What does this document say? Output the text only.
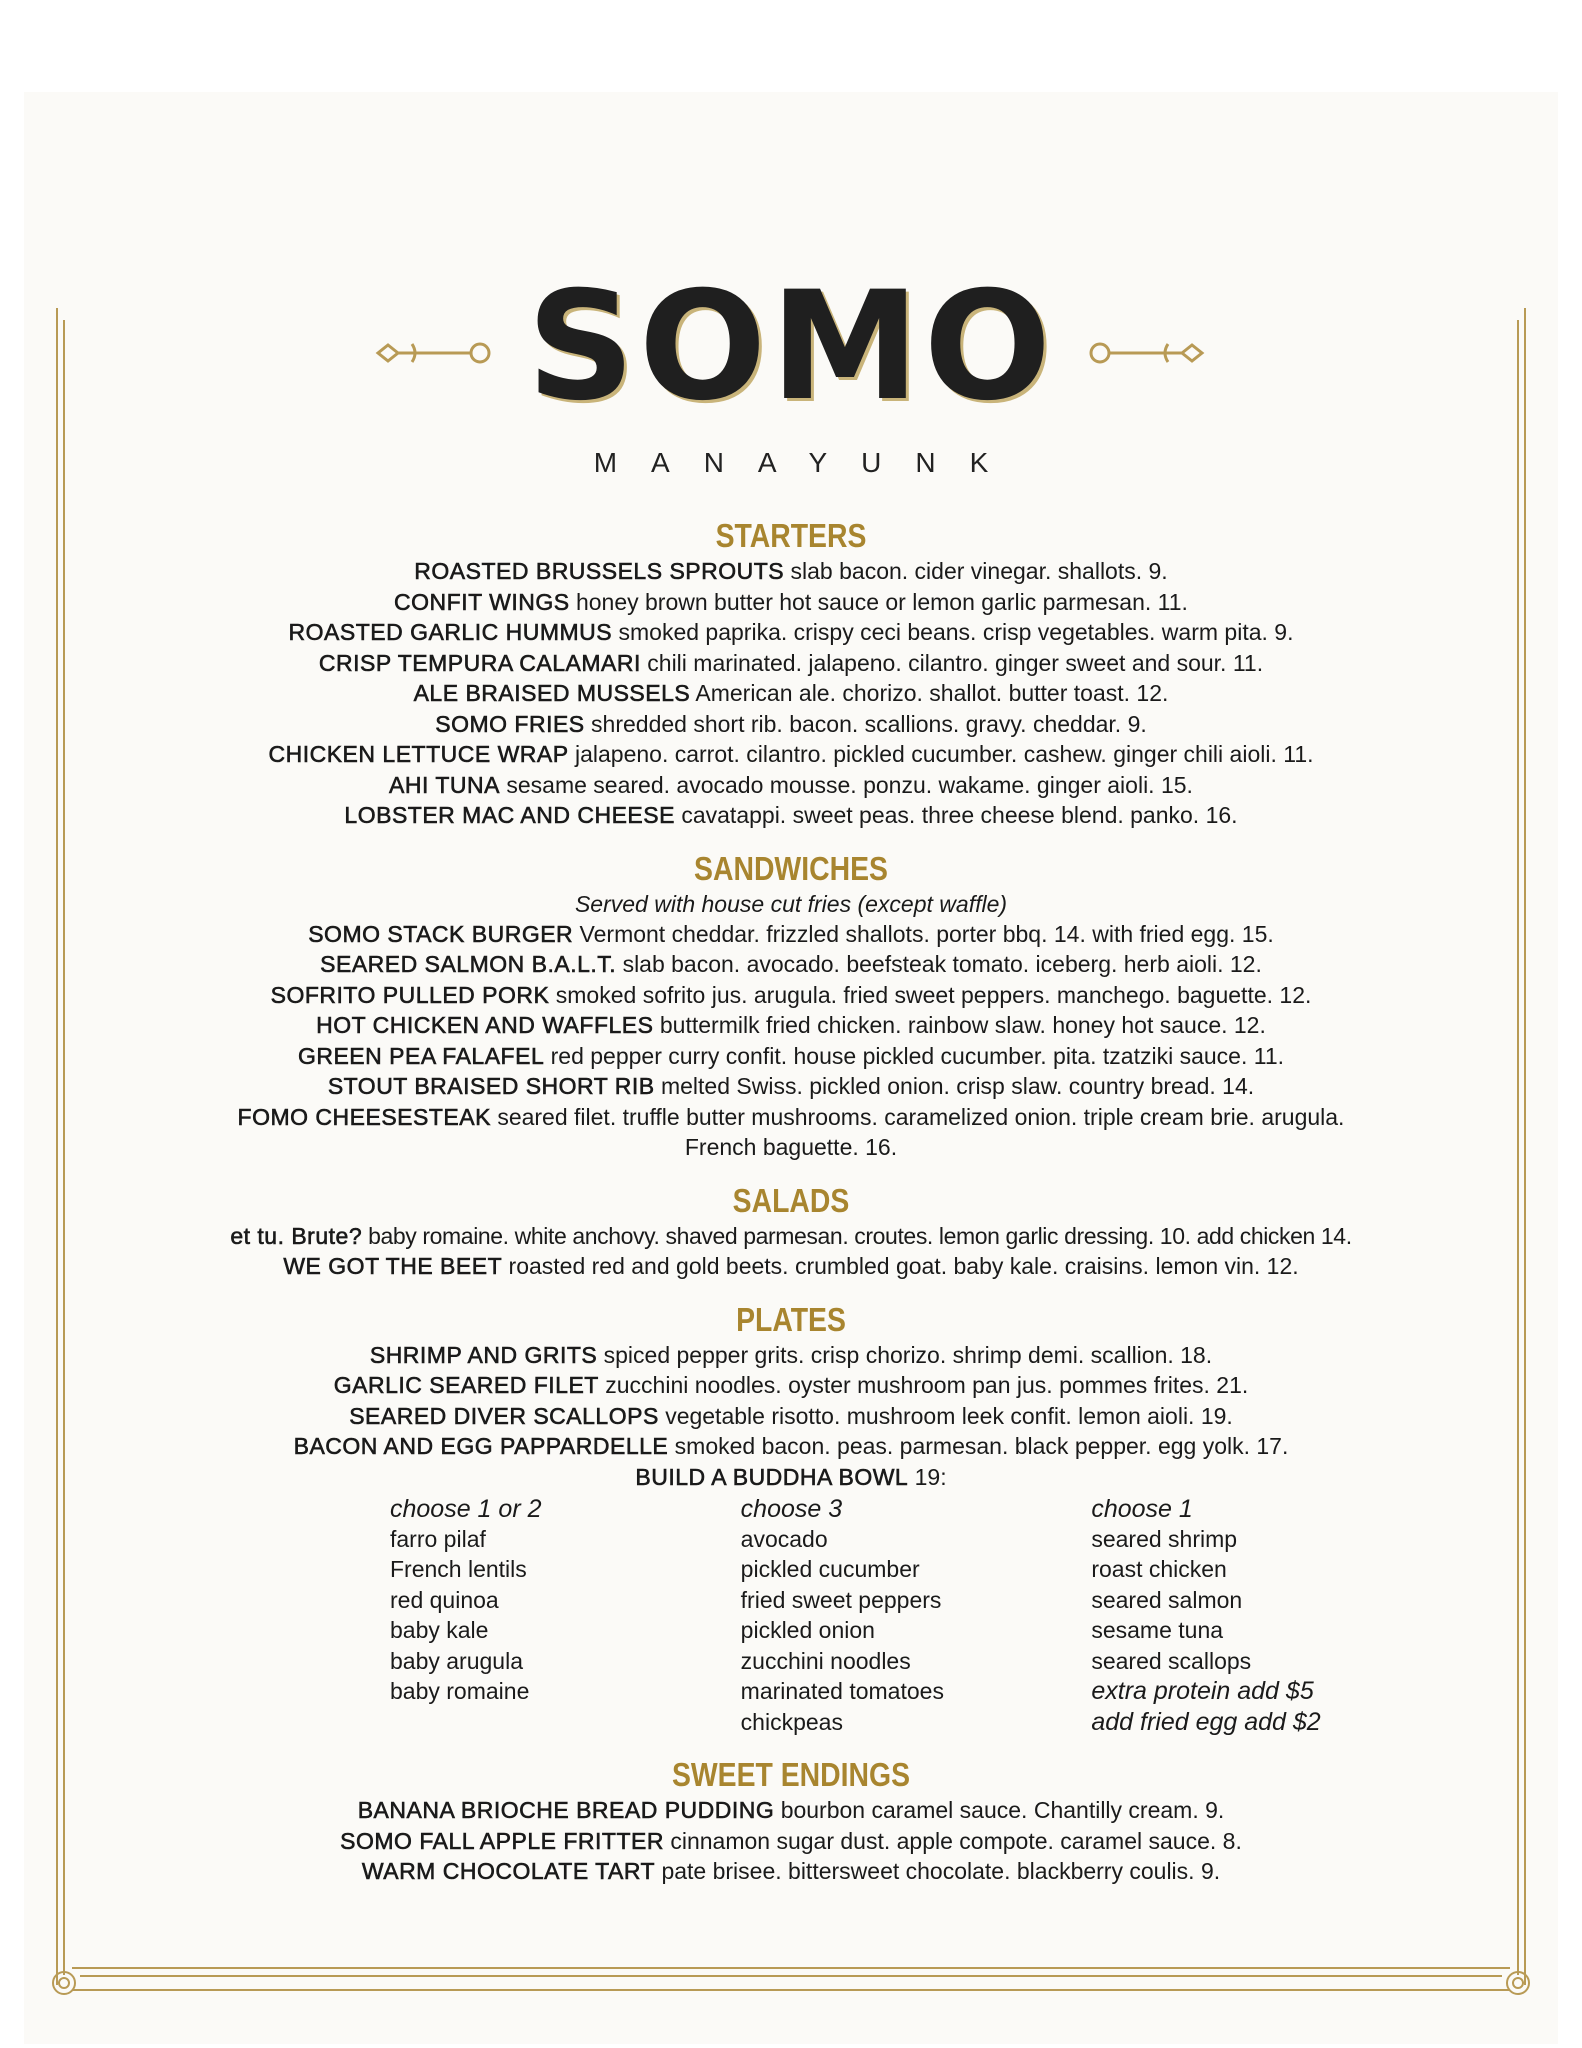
SOMO
MANAYUNK
STARTERS
ROASTED BRUSSELS SPROUTS slab bacon. cider vinegar. shallots. 9.
CONFIT WINGS honey brown butter hot sauce or lemon garlic parmesan. 11.
ROASTED GARLIC HUMMUS smoked paprika. crispy ceci beans. crisp vegetables. warm pita. 9.
CRISP TEMPURA CALAMARI chili marinated. jalapeno. cilantro. ginger sweet and sour. 11.
ALE BRAISED MUSSELS American ale. chorizo. shallot. butter toast. 12.
SOMO FRIES shredded short rib. bacon. scallions. gravy. cheddar. 9.
CHICKEN LETTUCE WRAP jalapeno. carrot. cilantro. pickled cucumber. cashew. ginger chili aioli. 11.
AHI TUNA sesame seared. avocado mousse. ponzu. wakame. ginger aioli. 15.
LOBSTER MAC AND CHEESE cavatappi. sweet peas. three cheese blend. panko. 16.
SANDWICHES
Served with house cut fries (except waffle)
SOMO STACK BURGER Vermont cheddar. frizzled shallots. porter bbq. 14. with fried egg. 15.
SEARED SALMON B.A.L.T. slab bacon. avocado. beefsteak tomato. iceberg. herb aioli. 12.
SOFRITO PULLED PORK smoked sofrito jus. arugula. fried sweet peppers. manchego. baguette. 12.
HOT CHICKEN AND WAFFLES buttermilk fried chicken. rainbow slaw. honey hot sauce. 12.
GREEN PEA FALAFEL red pepper curry confit. house pickled cucumber. pita. tzatziki sauce. 11.
STOUT BRAISED SHORT RIB melted Swiss. pickled onion. crisp slaw. country bread. 14.
FOMO CHEESESTEAK seared filet. truffle butter mushrooms. caramelized onion. triple cream brie. arugula.
French baguette. 16.
SALADS
et tu. Brute? baby romaine. white anchovy. shaved parmesan. croutes. lemon garlic dressing. 10. add chicken 14.
WE GOT THE BEET roasted red and gold beets. crumbled goat. baby kale. craisins. lemon vin. 12.
PLATES
SHRIMP AND GRITS spiced pepper grits. crisp chorizo. shrimp demi. scallion. 18.
GARLIC SEARED FILET zucchini noodles. oyster mushroom pan jus. pommes frites. 21.
SEARED DIVER SCALLOPS vegetable risotto. mushroom leek confit. lemon aioli. 19.
BACON AND EGG PAPPARDELLE smoked bacon. peas. parmesan. black pepper. egg yolk. 17.
BUILD A BUDDHA BOWL 19:
choose 1 or 2
farro pilaf
French lentils
red quinoa
baby kale
baby arugula
baby romaine
choose 3
avocado
pickled cucumber
fried sweet peppers
pickled onion
zucchini noodles
marinated tomatoes
chickpeas
choose 1
seared shrimp
roast chicken
seared salmon
sesame tuna
seared scallops
extra protein add $5
add fried egg add $2
SWEET ENDINGS
BANANA BRIOCHE BREAD PUDDING bourbon caramel sauce. Chantilly cream. 9.
SOMO FALL APPLE FRITTER cinnamon sugar dust. apple compote. caramel sauce. 8.
WARM CHOCOLATE TART pate brisee. bittersweet chocolate. blackberry coulis. 9.
